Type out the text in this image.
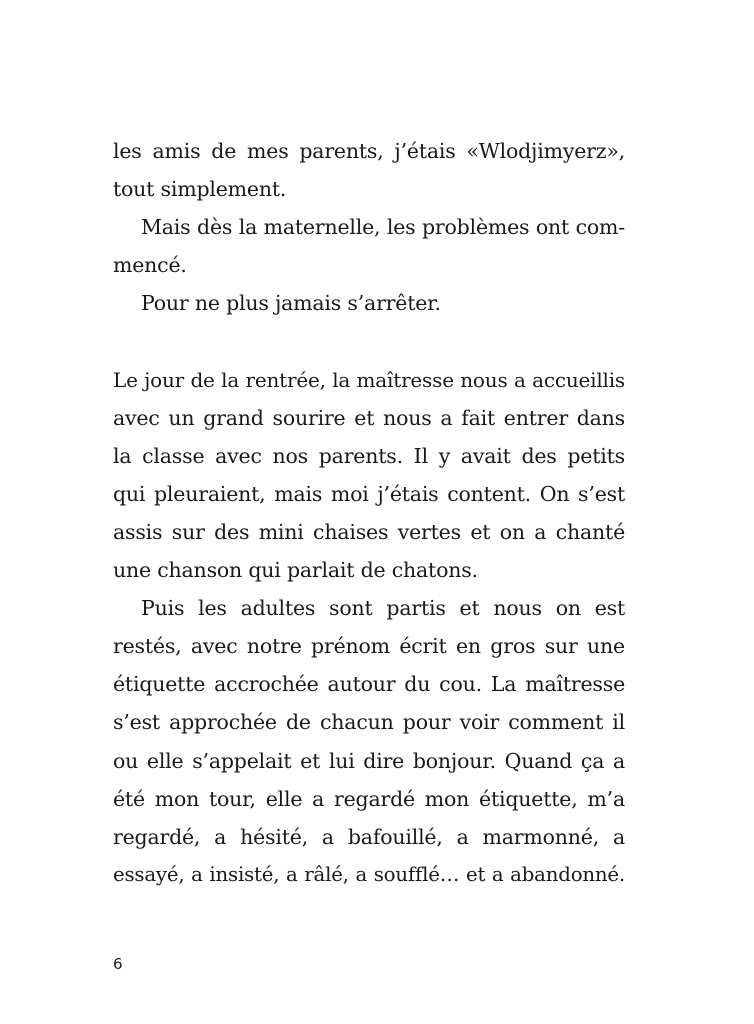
les amis de mes parents, j’étais «Wlodjimyerz»,
tout simplement.
Mais dès la maternelle, les problèmes ont com-
mencé.
Pour ne plus jamais s’arrêter.
Le jour de la rentrée, la maîtresse nous a accueillis
avec un grand sourire et nous a fait entrer dans
la classe avec nos parents. Il y avait des petits
qui pleuraient, mais moi j’étais content. On s’est
assis sur des mini chaises vertes et on a chanté
une chanson qui parlait de chatons.
Puis les adultes sont partis et nous on est
restés, avec notre prénom écrit en gros sur une
étiquette accrochée autour du cou. La maîtresse
s’est approchée de chacun pour voir comment il
ou elle s’appelait et lui dire bonjour. Quand ça a
été mon tour, elle a regardé mon étiquette, m’a
regardé, a hésité, a bafouillé, a marmonné, a
essayé, a insisté, a râlé, a soufflé… et a abandonné.
6
